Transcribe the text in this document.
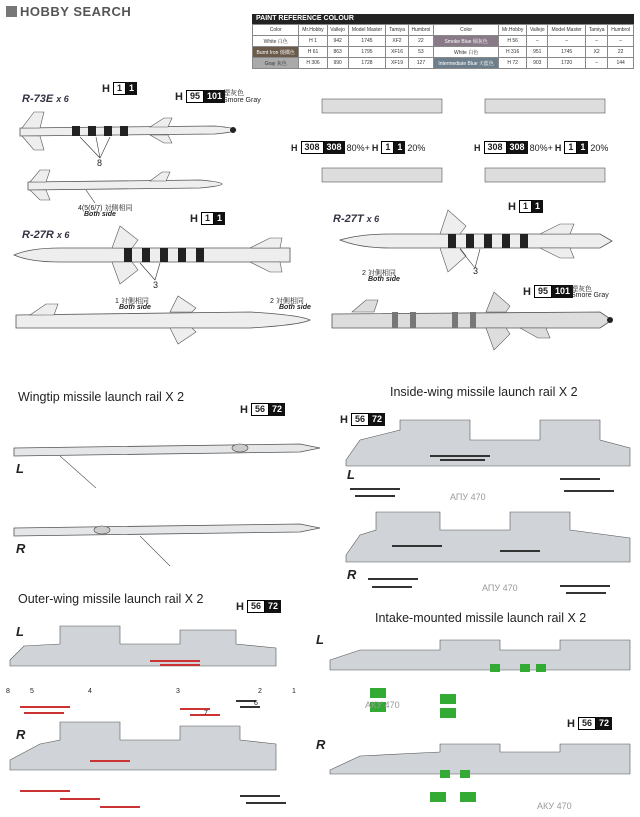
HOBBY SEARCH	PAINT REFERENCE COLOUR
Color	Mr.Hobby	Vallejo	Model Master	Tamiya	Humbrol	Color	Mr.Hobby	Vallejo	Model Master	Tamiya	Humbrol
White 白色	H 1	942	1745	XF2	22	Smoke Blue 烟灰色	H 56	–	–	–	–
Burnt Iron 燒鐵色	H 61	863	1795	XF16	53	White 白色	H 316	951	1745	X2	22
Gray 灰色	H 306	990	1728	XF19	127	Intermediate Blue 天藍色	H 72	903	1720	–	144
R-73E x 6
H 1 1
H 95 101 煙灰色
Smore Gray
8
4(5(6/7) 対側相同
Both side
H 308 308 80%+ H 1 1 20%	H 308 308 80%+ H 1 1 20%
R-27R x 6
H 1 1
3
1 対側相同
Both side
2 対側相同
Both side
R-27T x 6
H 1 1
3
2 対側相同
Both side
H 95 101 煙灰色
Smore Gray
Wingtip missile launch rail X 2
H 56 72
L
R
Inside-wing missile launch rail X 2
H 56 72
L
R
АПУ 470
АПУ 470
Outer-wing missile launch rail X 2
H 56 72
L
R
8	5	4	3	2	1
6
7
Intake-mounted missile launch rail X 2
L
R
АКУ 470
АКУ 470
H 56 72
